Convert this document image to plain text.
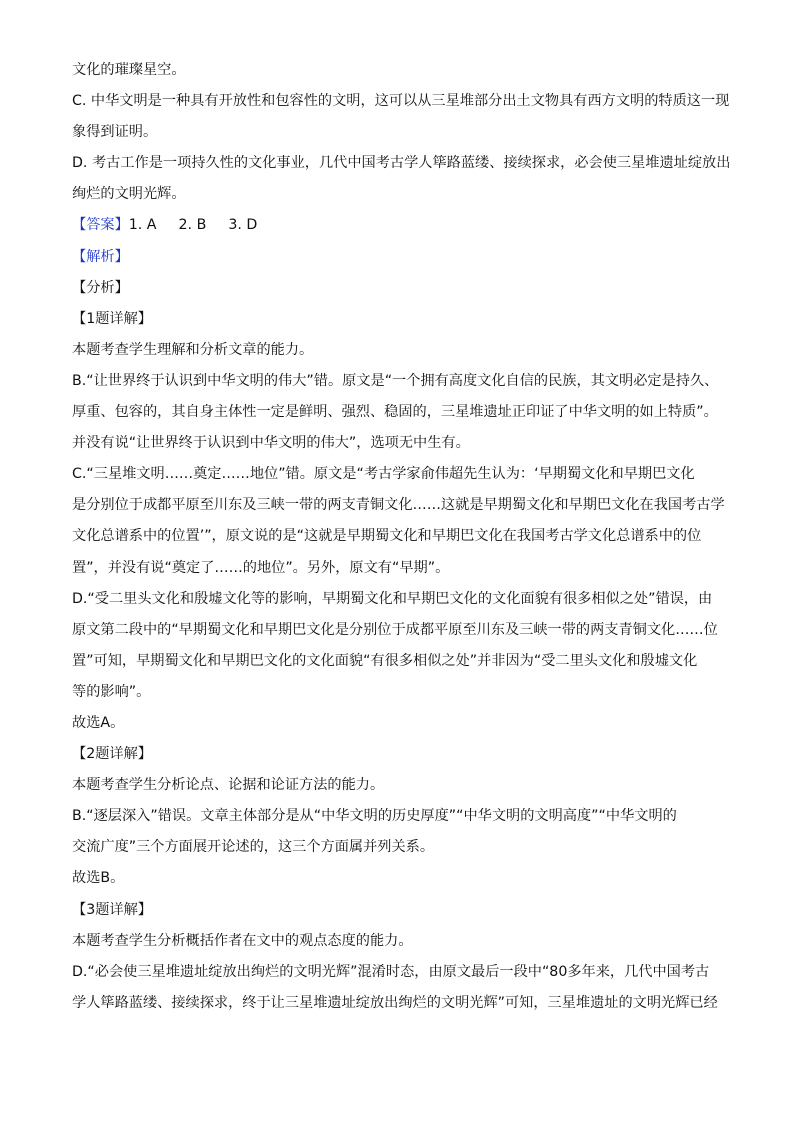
文化的璀璨星空。
C. 中华文明是一种具有开放性和包容性的文明，这可以从三星堆部分出土文物具有西方文明的特质这一现
象得到证明。
D. 考古工作是一项持久性的文化事业，几代中国考古学人筚路蓝缕、接续探求，必会使三星堆遗址绽放出
绚烂的文明光辉。
【答案】1. A 2. B 3. D
【解析】
【分析】
【1题详解】
本题考查学生理解和分析文章的能力。
B.“让世界终于认识到中华文明的伟大”错。原文是“一个拥有高度文化自信的民族，其文明必定是持久、
厚重、包容的，其自身主体性一定是鲜明、强烈、稳固的，三星堆遗址正印证了中华文明的如上特质”。
并没有说“让世界终于认识到中华文明的伟大”，选项无中生有。
C.“三星堆文明……奠定……地位”错。原文是“考古学家俞伟超先生认为：‘早期蜀文化和早期巴文化
是分别位于成都平原至川东及三峡一带的两支青铜文化……这就是早期蜀文化和早期巴文化在我国考古学
文化总谱系中的位置’”，原文说的是“这就是早期蜀文化和早期巴文化在我国考古学文化总谱系中的位
置”，并没有说“奠定了……的地位”。另外，原文有“早期”。
D.“受二里头文化和殷墟文化等的影响，早期蜀文化和早期巴文化的文化面貌有很多相似之处”错误，由
原文第二段中的“早期蜀文化和早期巴文化是分别位于成都平原至川东及三峡一带的两支青铜文化……位
置”可知，早期蜀文化和早期巴文化的文化面貌“有很多相似之处”并非因为“受二里头文化和殷墟文化
等的影响”。
故选A。
【2题详解】
本题考查学生分析论点、论据和论证方法的能力。
B.“逐层深入”错误。文章主体部分是从“中华文明的历史厚度”“中华文明的文明高度”“中华文明的
交流广度”三个方面展开论述的，这三个方面属并列关系。
故选B。
【3题详解】
本题考查学生分析概括作者在文中的观点态度的能力。
D.“必会使三星堆遗址绽放出绚烂的文明光辉”混淆时态，由原文最后一段中“80多年来，几代中国考古
学人筚路蓝缕、接续探求，终于让三星堆遗址绽放出绚烂的文明光辉”可知，三星堆遗址的文明光辉已经
